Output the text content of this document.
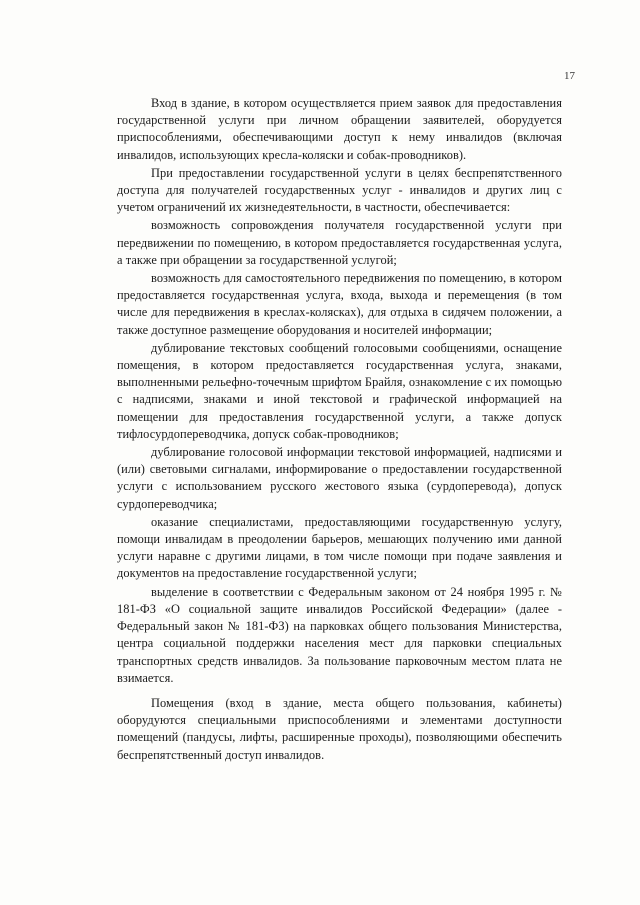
17

Вход в здание, в котором осуществляется прием заявок для предоставления государственной услуги при личном обращении заявителей, оборудуется приспособлениями, обеспечивающими доступ к нему инвалидов (включая инвалидов, использующих кресла-коляски и собак-проводников).

При предоставлении государственной услуги в целях беспрепятственного доступа для получателей государственных услуг - инвалидов и других лиц с учетом ограничений их жизнедеятельности, в частности, обеспечивается:

возможность сопровождения получателя государственной услуги при передвижении по помещению, в котором предоставляется государственная услуга, а также при обращении за государственной услугой;

возможность для самостоятельного передвижения по помещению, в котором предоставляется государственная услуга, входа, выхода и перемещения (в том числе для передвижения в креслах-колясках), для отдыха в сидячем положении, а также доступное размещение оборудования и носителей информации;

дублирование текстовых сообщений голосовыми сообщениями, оснащение помещения, в котором предоставляется государственная услуга, знаками, выполненными рельефно-точечным шрифтом Брайля, ознакомление с их помощью с надписями, знаками и иной текстовой и графической информацией на помещении для предоставления государственной услуги, а также допуск тифлосурдопереводчика, допуск собак-проводников;

дублирование голосовой информации текстовой информацией, надписями и (или) световыми сигналами, информирование о предоставлении государственной услуги с использованием русского жестового языка (сурдоперевода), допуск сурдопереводчика;

оказание специалистами, предоставляющими государственную услугу, помощи инвалидам в преодолении барьеров, мешающих получению ими данной услуги наравне с другими лицами, в том числе помощи при подаче заявления и документов на предоставление государственной услуги;

выделение в соответствии с Федеральным законом от 24 ноября 1995 г. № 181-ФЗ «О социальной защите инвалидов Российской Федерации» (далее - Федеральный закон № 181-ФЗ) на парковках общего пользования Министерства, центра социальной поддержки населения мест для парковки специальных транспортных средств инвалидов. За пользование парковочным местом плата не взимается.

Помещения (вход в здание, места общего пользования, кабинеты) оборудуются специальными приспособлениями и элементами доступности помещений (пандусы, лифты, расширенные проходы), позволяющими обеспечить беспрепятственный доступ инвалидов.
